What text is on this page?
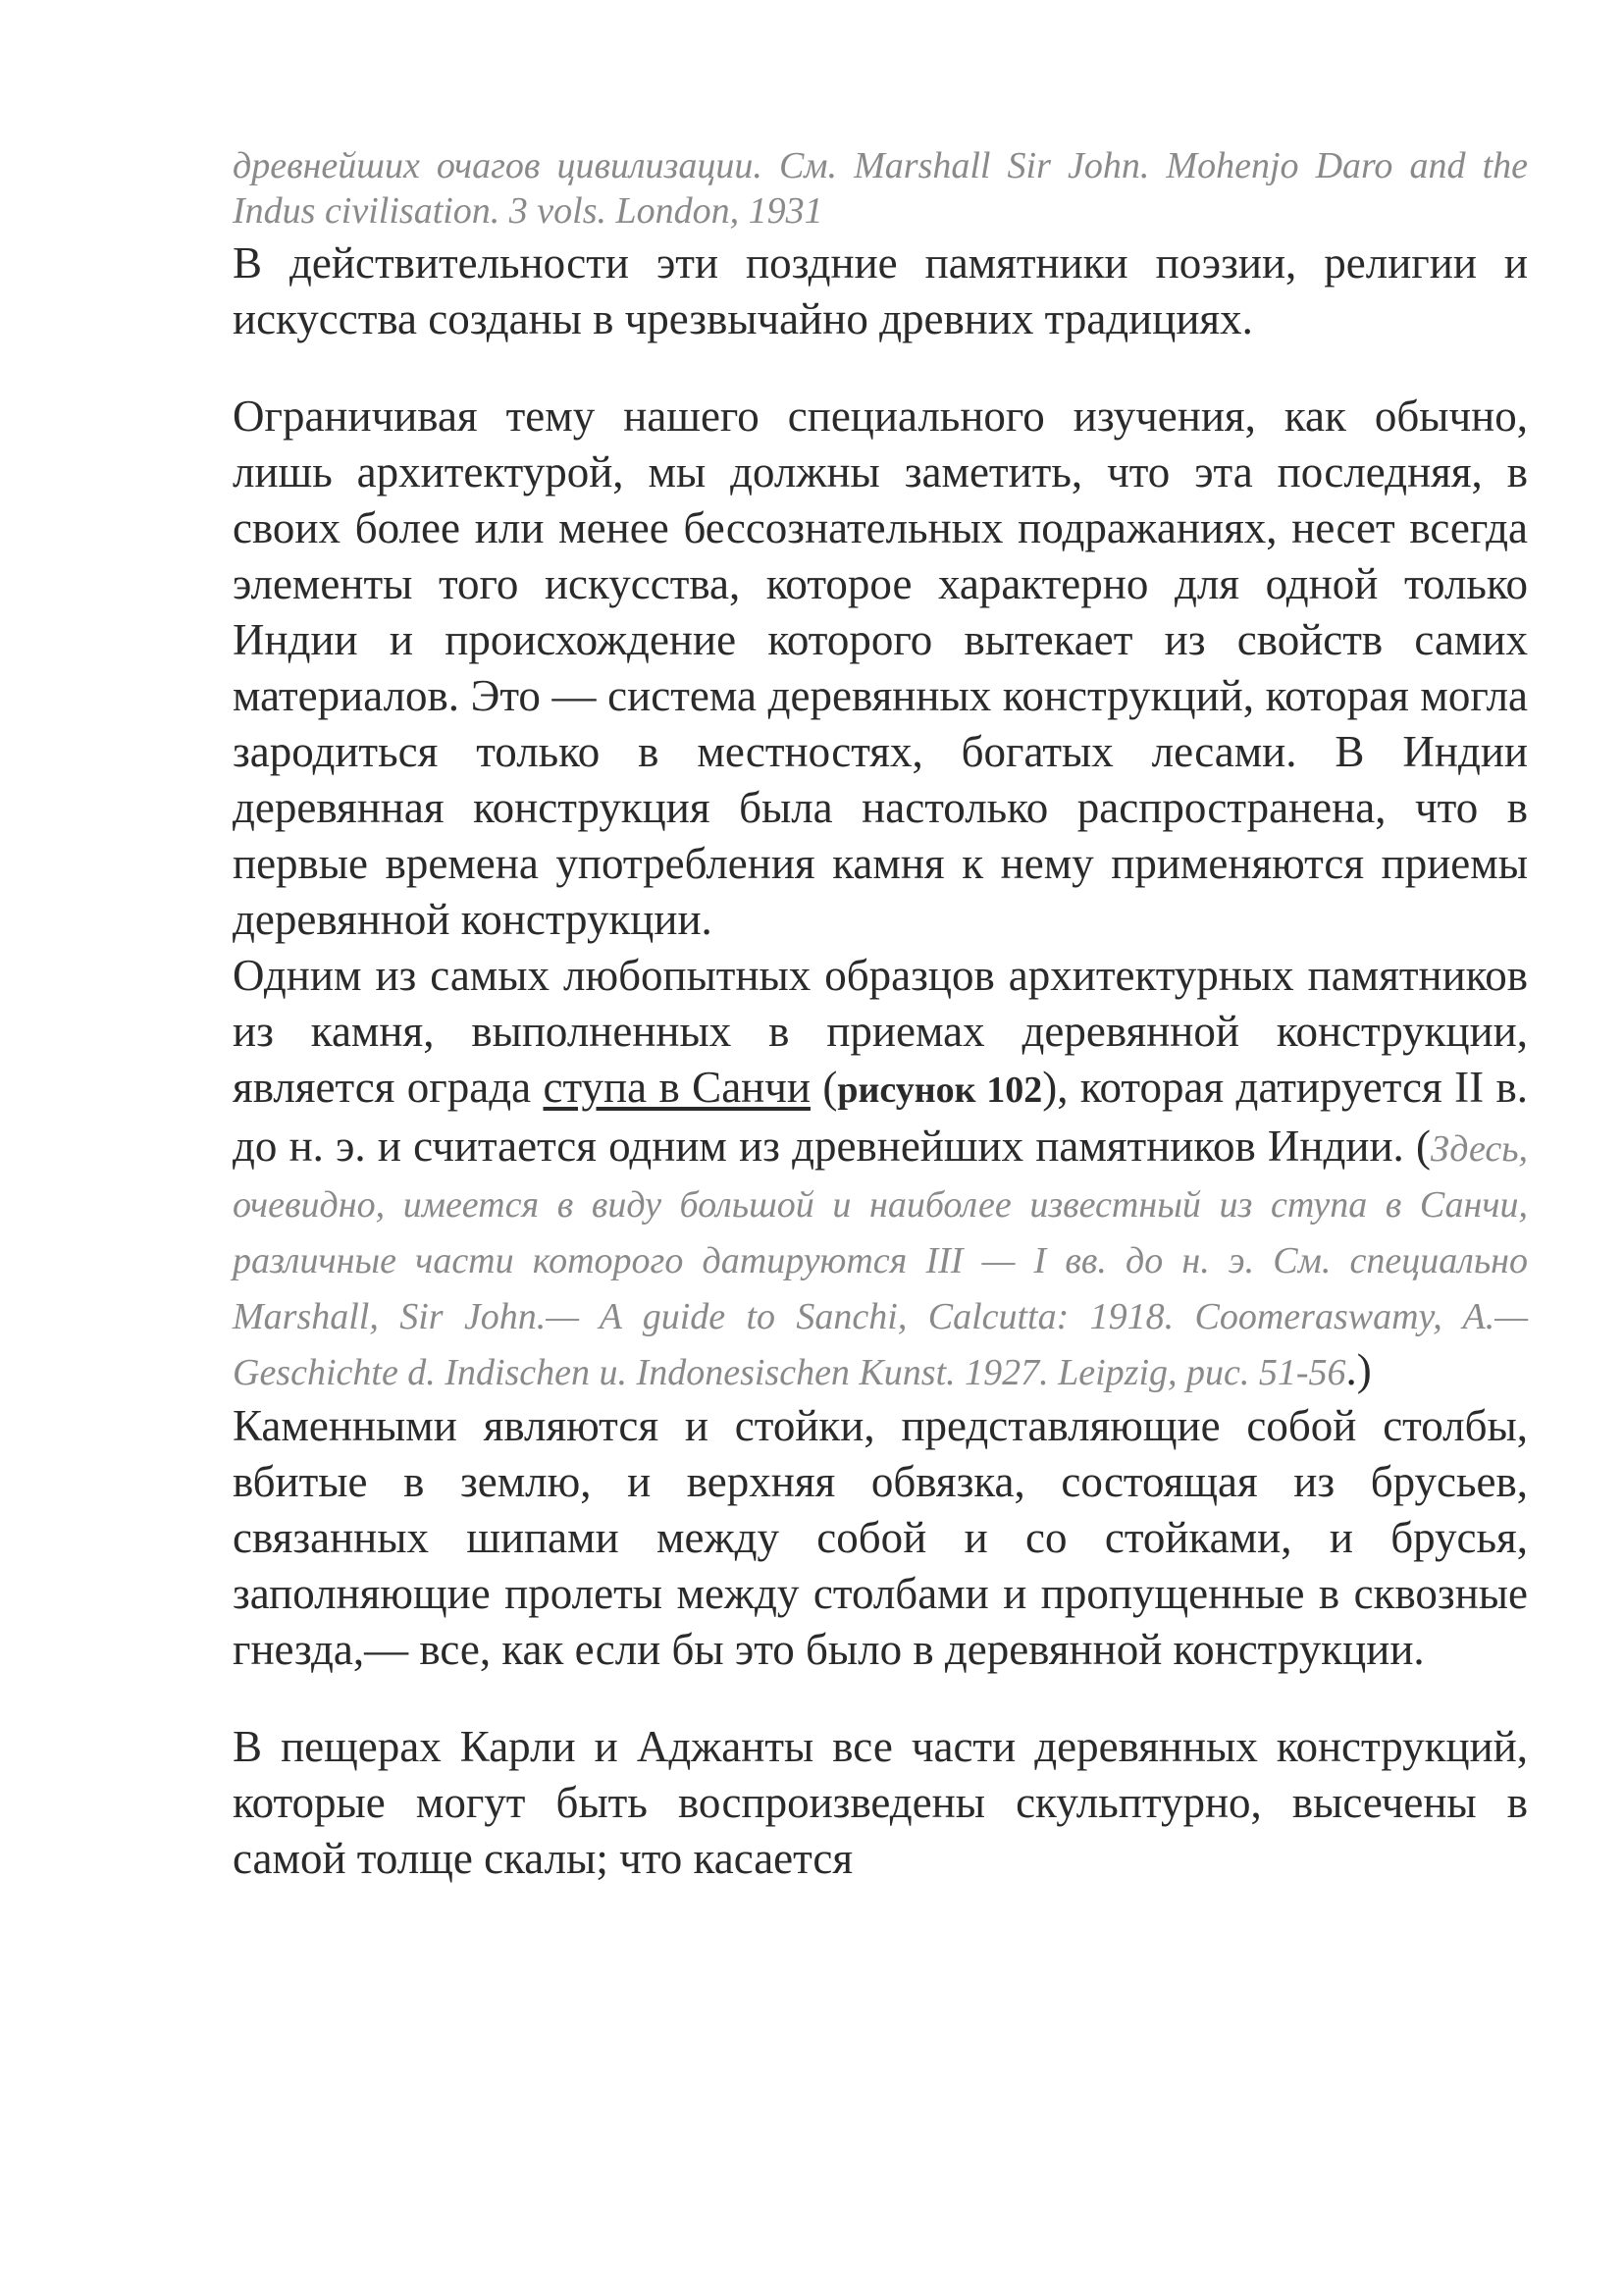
древнейших очагов цивилизации. См. Marshall Sir John. Mohenjo Daro and the Indus civilisation. 3 vols. London, 1931

В действительности эти поздние памятники поэзии, религии и искусства созданы в чрезвычайно древних традициях.

Ограничивая тему нашего специального изучения, как обычно, лишь архитектурой, мы должны заметить, что эта последняя, в своих более или менее бессознательных подражаниях, несет всегда элементы того искусства, которое характерно для одной только Индии и происхождение которого вытекает из свойств самих материалов. Это — система деревянных конструкций, которая могла зародиться только в местностях, богатых лесами. В Индии деревянная конструкция была настолько распространена, что в первые времена употребления камня к нему применяются приемы деревянной конструкции.

Одним из самых любопытных образцов архитектурных памятников из камня, выполненных в приемах деревянной конструкции, является ограда ступа в Санчи (рисунок 102), которая датируется II в. до н. э. и считается одним из древнейших памятников Индии. (Здесь, очевидно, имеется в виду большой и наиболее известный из ступа в Санчи, различные части которого датируются III — I вв. до н. э. См. специально Marshall, Sir John.— A guide to Sanchi, Calcutta: 1918. Coomeraswamy, A.— Geschichte d. Indischen u. Indonesischen Kunst. 1927. Leipzig, рис. 51-56.)

Каменными являются и стойки, представляющие собой столбы, вбитые в землю, и верхняя обвязка, состоящая из брусьев, связанных шипами между собой и со стойками, и брусья, заполняющие пролеты между столбами и пропущенные в сквозные гнезда,— все, как если бы это было в деревянной конструкции.

В пещерах Карли и Аджанты все части деревянных конструкций, которые могут быть воспроизведены скульптурно, высечены в самой толще скалы; что касается
